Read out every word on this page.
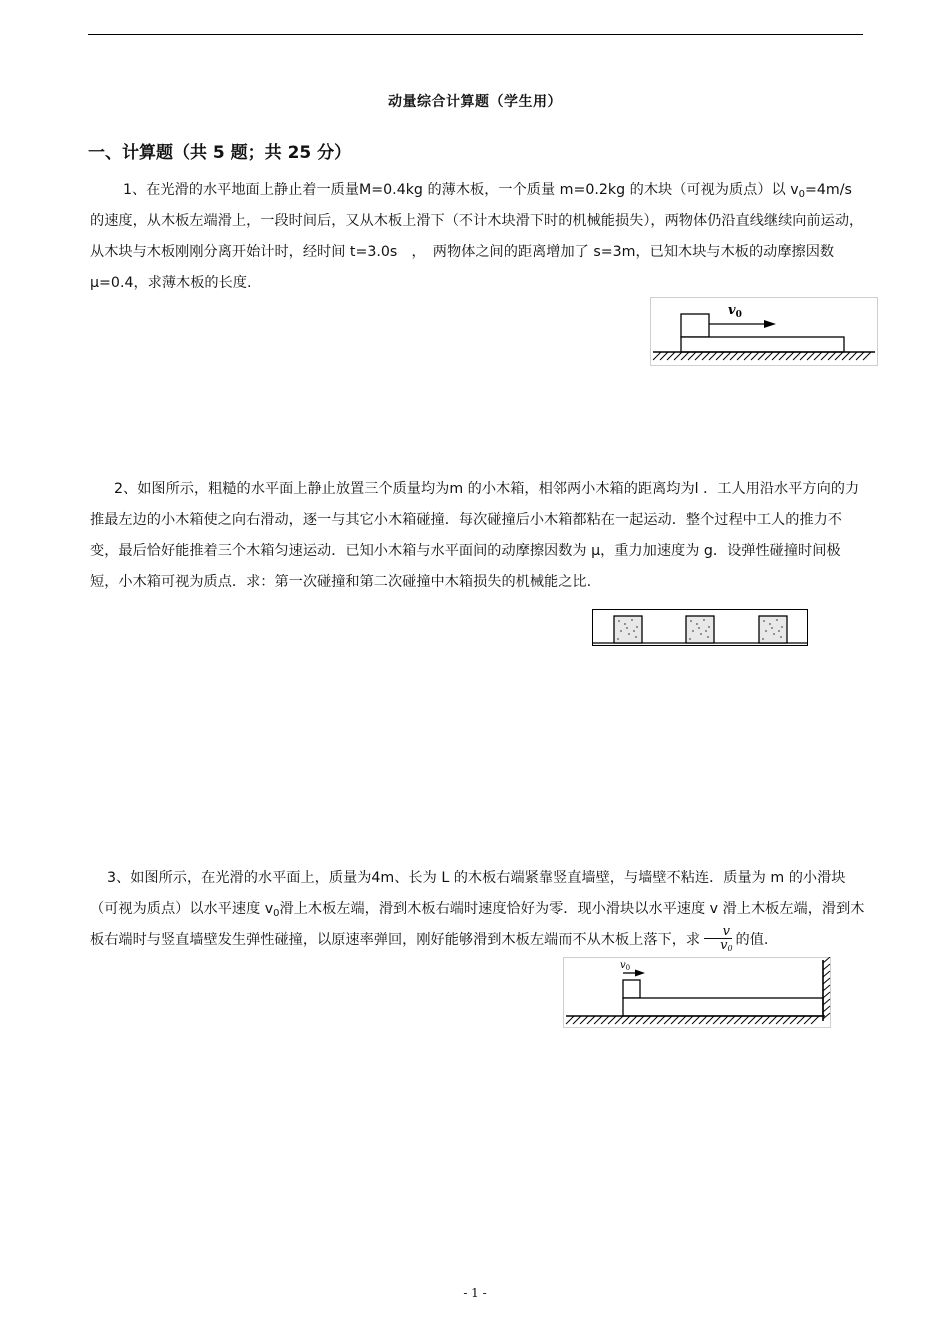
动量综合计算题（学生用）
一、计算题（共 5 题；共 25 分）

1、在光滑的水平地面上静止着一质量M=0.4kg 的薄木板，一个质量 m=0.2kg 的木块（可视为质点）以 $v_0=4m/s$ 的速度，从木板左端滑上，一段时间后，又从木板上滑下（不计木块滑下时的机械能损失），两物体仍沿直线继续向前运动，从木块与木板刚刚分离开始计时，经时间 t=3.0s　，　两物体之间的距离增加了 s=3m，已知木块与木板的动摩擦因数 μ=0.4，求薄木板的长度.

$v_0$

2、如图所示，粗糙的水平面上静止放置三个质量均为m 的小木箱，相邻两小木箱的距离均为l ．工人用沿水平方向的力推最左边的小木箱使之向右滑动，逐一与其它小木箱碰撞．每次碰撞后小木箱都粘在一起运动．整个过程中工人的推力不变，最后恰好能推着三个木箱匀速运动．已知小木箱与水平面间的动摩擦因数为 μ，重力加速度为 g．设弹性碰撞时间极短，小木箱可视为质点．求：第一次碰撞和第二次碰撞中木箱损失的机械能之比.

3、如图所示，在光滑的水平面上，质量为4m、长为 L 的木板右端紧靠竖直墙壁，与墙壁不粘连．质量为 m 的小滑块（可视为质点）以水平速度 $v_0$滑上木板左端，滑到木板右端时速度恰好为零．现小滑块以水平速度 v 滑上木板左端，滑到木板右端时与竖直墙壁发生弹性碰撞，以原速率弹回，刚好能够滑到木板左端而不从木板上落下，求 $\frac{v}{v_0}$ 的值.

$v_0$
- 1 -
